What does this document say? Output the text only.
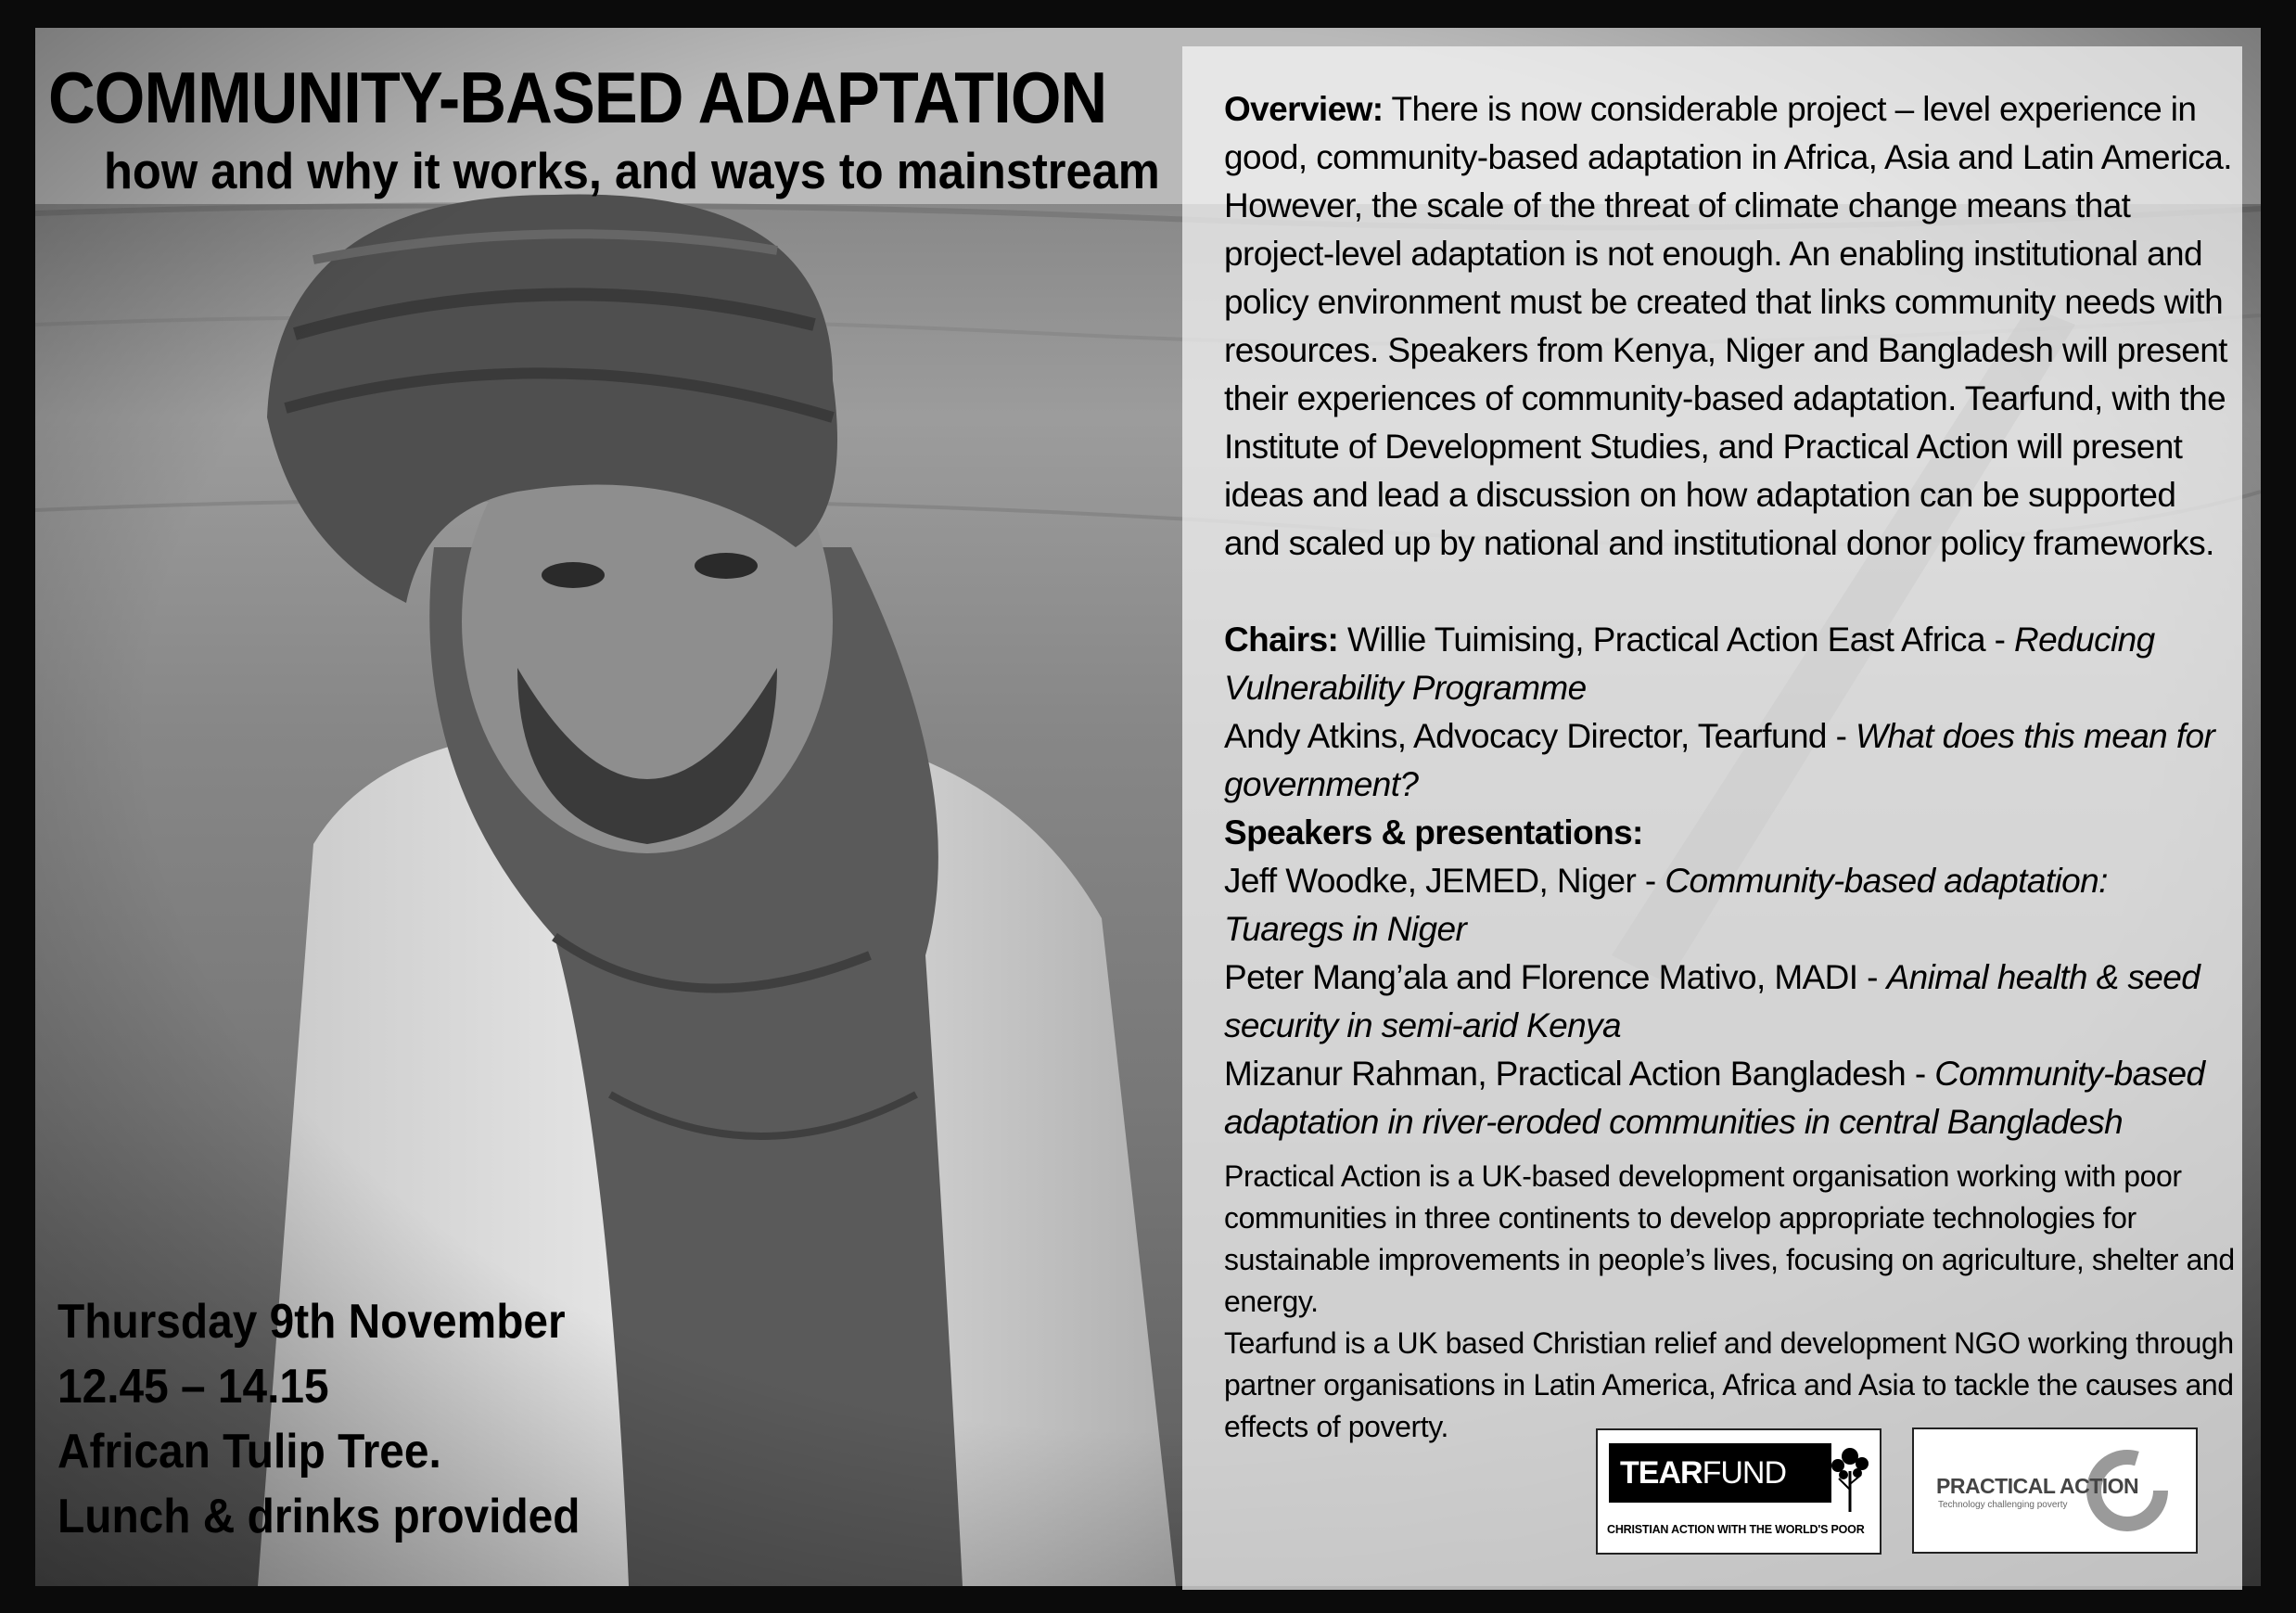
COMMUNITY-BASED ADAPTATION
how and why it works, and ways to mainstream

Overview: There is now considerable project – level experience in good, community-based adaptation in Africa, Asia and Latin America. However, the scale of the threat of climate change means that project-level adaptation is not enough. An enabling institutional and policy environment must be created that links community needs with resources. Speakers from Kenya, Niger and Bangladesh will present their experiences of community-based adaptation. Tearfund, with the Institute of Development Studies, and Practical Action will present ideas and lead a discussion on how adaptation can be supported and scaled up by national and institutional donor policy frameworks.

Chairs: Willie Tuimising, Practical Action East Africa - Reducing Vulnerability Programme

Andy Atkins, Advocacy Director, Tearfund - What does this mean for government?

Speakers & presentations:

Jeff Woodke, JEMED, Niger - Community-based adaptation: Tuaregs in Niger

Peter Mang’ala and Florence Mativo, MADI - Animal health & seed security in semi-arid Kenya

Mizanur Rahman, Practical Action Bangladesh - Community-based adaptation in river-eroded communities in central Bangladesh

Practical Action is a UK-based development organisation working with poor communities in three continents to develop appropriate technologies for sustainable improvements in people’s lives, focusing on agriculture, shelter and energy.

Tearfund is a UK based Christian relief and development NGO working through partner organisations in Latin America, Africa and Asia to tackle the causes and effects of poverty.

Thursday 9th November
12.45 – 14.15
African Tulip Tree.
Lunch & drinks provided
TEARFUND
CHRISTIAN ACTION WITH THE WORLD'S POOR
PRACTICAL ACTION
Technology challenging poverty
